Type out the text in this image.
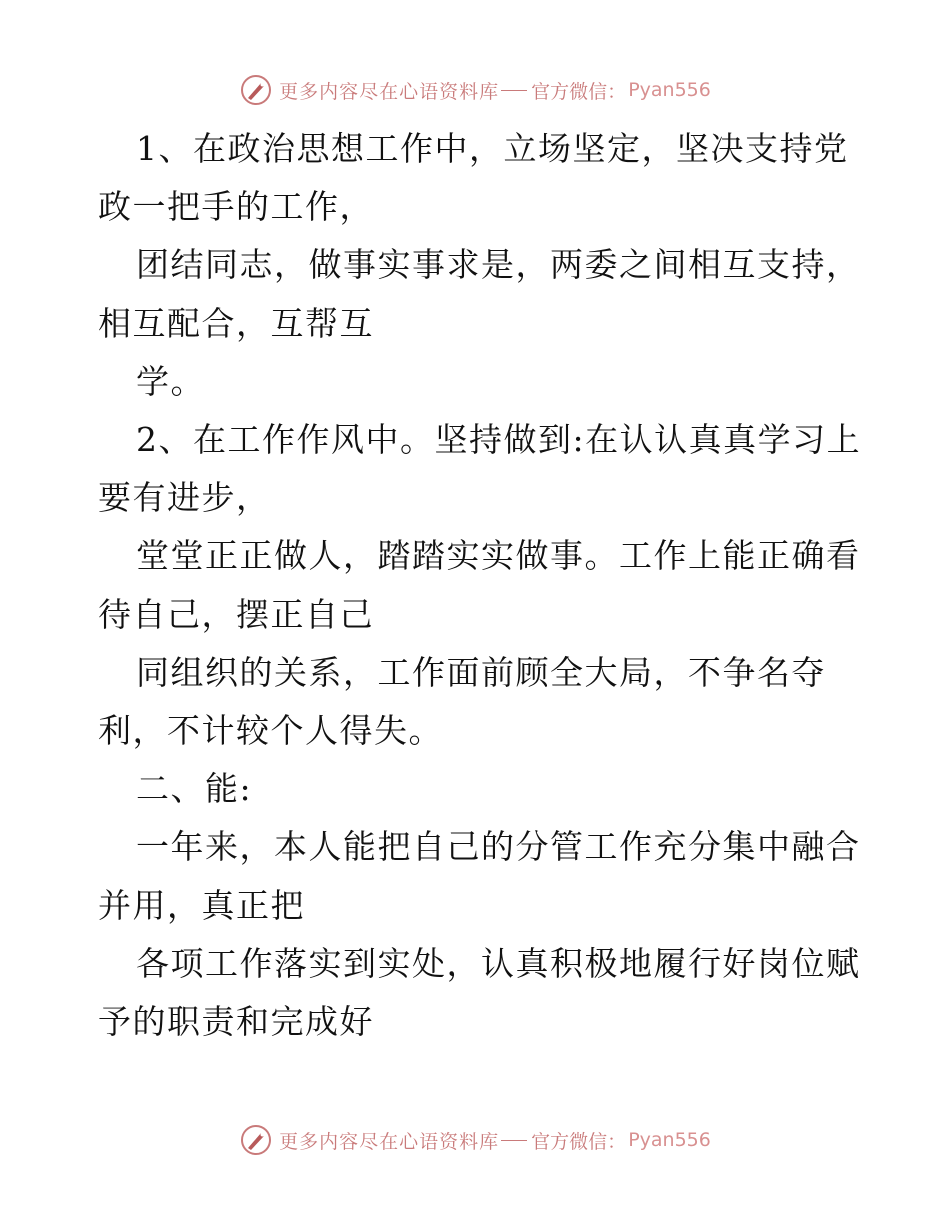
更多内容尽在心语资料库 官方微信： Pyan556

1、在政治思想工作中，立场坚定，坚决支持党

政一把手的工作，

团结同志，做事实事求是，两委之间相互支持，

相互配合，互帮互

学。

2、在工作作风中。坚持做到:在认认真真学习上

要有进步，

堂堂正正做人，踏踏实实做事。工作上能正确看

待自己，摆正自己

同组织的关系，工作面前顾全大局，不争名夺

利，不计较个人得失。

二、能:

一年来，本人能把自己的分管工作充分集中融合

并用，真正把

各项工作落实到实处，认真积极地履行好岗位赋

予的职责和完成好

更多内容尽在心语资料库 官方微信： Pyan556
